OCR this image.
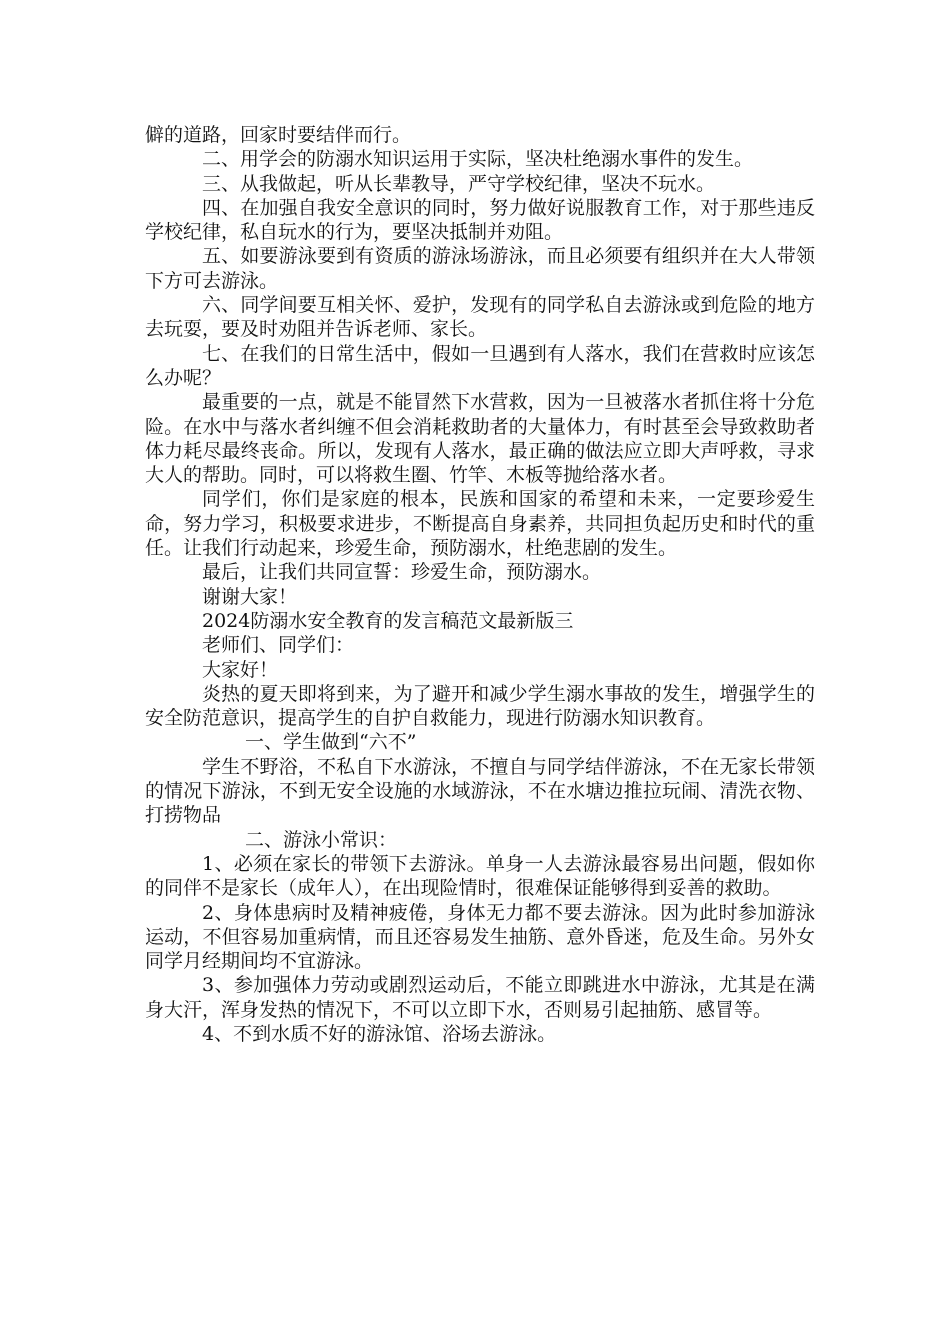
僻的道路，回家时要结伴而行。

二、用学会的防溺水知识运用于实际，坚决杜绝溺水事件的发生。

三、从我做起，听从长辈教导，严守学校纪律，坚决不玩水。

四、在加强自我安全意识的同时，努力做好说服教育工作，对于那些违反学校纪律，私自玩水的行为，要坚决抵制并劝阻。

五、如要游泳要到有资质的游泳场游泳，而且必须要有组织并在大人带领下方可去游泳。

六、同学间要互相关怀、爱护，发现有的同学私自去游泳或到危险的地方去玩耍，要及时劝阻并告诉老师、家长。

七、在我们的日常生活中，假如一旦遇到有人落水，我们在营救时应该怎么办呢？

最重要的一点，就是不能冒然下水营救，因为一旦被落水者抓住将十分危险。在水中与落水者纠缠不但会消耗救助者的大量体力，有时甚至会导致救助者体力耗尽最终丧命。所以，发现有人落水，最正确的做法应立即大声呼救，寻求大人的帮助。同时，可以将救生圈、竹竿、木板等抛给落水者。

同学们，你们是家庭的根本，民族和国家的希望和未来，一定要珍爱生命，努力学习，积极要求进步，不断提高自身素养，共同担负起历史和时代的重任。让我们行动起来，珍爱生命，预防溺水，杜绝悲剧的发生。

最后，让我们共同宣誓：珍爱生命，预防溺水。

谢谢大家！

2024防溺水安全教育的发言稿范文最新版三

老师们、同学们：

大家好！

炎热的夏天即将到来，为了避开和减少学生溺水事故的发生，增强学生的安全防范意识，提高学生的自护自救能力，现进行防溺水知识教育。

一、学生做到“六不”

学生不野浴，不私自下水游泳，不擅自与同学结伴游泳，不在无家长带领的情况下游泳，不到无安全设施的水域游泳，不在水塘边推拉玩闹、清洗衣物、打捞物品

二、游泳小常识：

1、必须在家长的带领下去游泳。单身一人去游泳最容易出问题，假如你的同伴不是家长（成年人），在出现险情时，很难保证能够得到妥善的救助。

2、身体患病时及精神疲倦，身体无力都不要去游泳。因为此时参加游泳运动，不但容易加重病情，而且还容易发生抽筋、意外昏迷，危及生命。另外女同学月经期间均不宜游泳。

3、参加强体力劳动或剧烈运动后，不能立即跳进水中游泳，尤其是在满身大汗，浑身发热的情况下，不可以立即下水，否则易引起抽筋、感冒等。

4、不到水质不好的游泳馆、浴场去游泳。
